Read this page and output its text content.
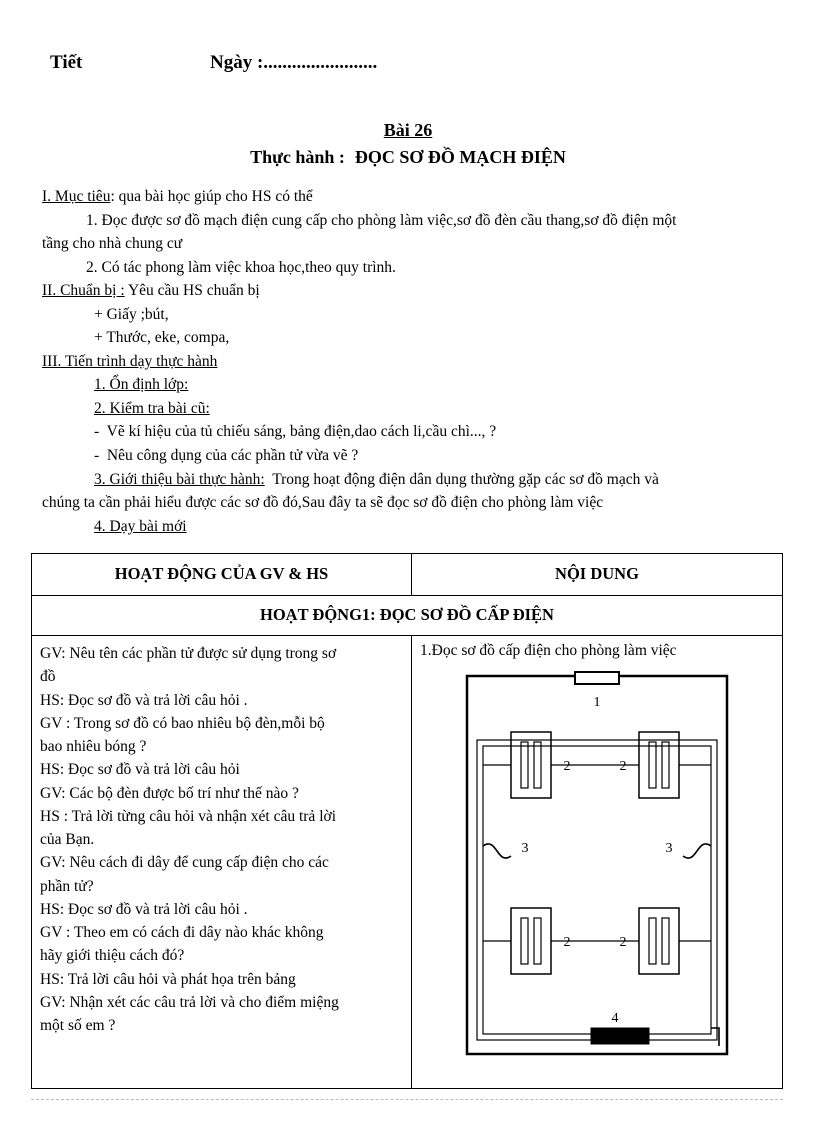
Tiết	Ngày :........................
Bài 26
Thực hành : ĐỌC SƠ ĐỒ MẠCH ĐIỆN
I. Mục tiêu: qua bài học giúp cho HS có thể
1. Đọc được sơ đồ mạch điện cung cấp cho phòng làm việc,sơ đồ đèn cầu thang,sơ đồ điện một
tầng cho nhà chung cư
2. Có tác phong làm việc khoa học,theo quy trình.
II. Chuẩn bị : Yêu cầu HS chuẩn bị
+ Giấy ;bút,
+ Thước, eke, compa,
III. Tiến trình dạy thực hành
1. Ổn định lớp:
2. Kiểm tra bài cũ:
-  Vẽ kí hiệu của tủ chiếu sáng, bảng điện,dao cách li,cầu chì..., ?
-  Nêu công dụng của các phần tử vừa vẽ ?
3. Giới thiệu bài thực hành:  Trong hoạt động điện dân dụng thường gặp các sơ đồ mạch và
chúng ta cần phải hiểu được các sơ đồ đó,Sau đây ta sẽ đọc sơ đồ điện cho phòng làm việc
4. Dạy bài mới
HOẠT ĐỘNG CỦA GV & HS	NỘI DUNG
HOẠT ĐỘNG1: ĐỌC SƠ ĐỒ CẤP ĐIỆN
GV: Nêu tên các phần tử được sử dụng trong sơ
đồ
HS: Đọc sơ đồ và trả lời câu hỏi .
GV : Trong sơ đồ có bao nhiêu bộ đèn,mỗi bộ
bao nhiêu bóng ?
HS: Đọc sơ đồ và trả lời câu hỏi
GV: Các bộ đèn được bố trí như thế nào ?
HS : Trả lời từng câu hỏi và nhận xét câu trả lời
của Bạn.
GV: Nêu cách đi dây để cung cấp điện cho các
phần tử?
HS: Đọc sơ đồ và trả lời câu hỏi .
GV : Theo em có cách đi dây nào khác không
hãy giới thiệu cách đó?
HS: Trả lời câu hỏi và phát họa trên bảng
GV: Nhận xét các câu trả lời và cho điểm miệng
một số em ?
1.Đọc sơ đồ cấp điện cho phòng làm việc
1
2	2
3	3
2	2
4
